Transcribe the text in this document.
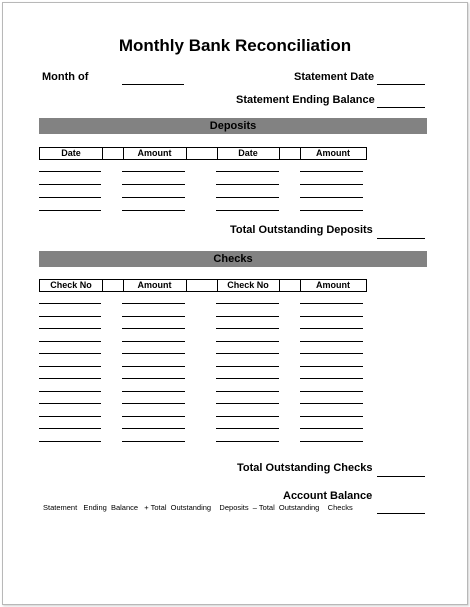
Monthly Bank Reconciliation
Month of	Statement Date
Statement Ending Balance
Deposits
Date	Amount	Date	Amount
Total Outstanding Deposits
Checks
Check No	Amount	Check No	Amount
Total Outstanding Checks
Account Balance
Statement   Ending  Balance   + Total  Outstanding    Deposits  – Total  Outstanding    Checks
